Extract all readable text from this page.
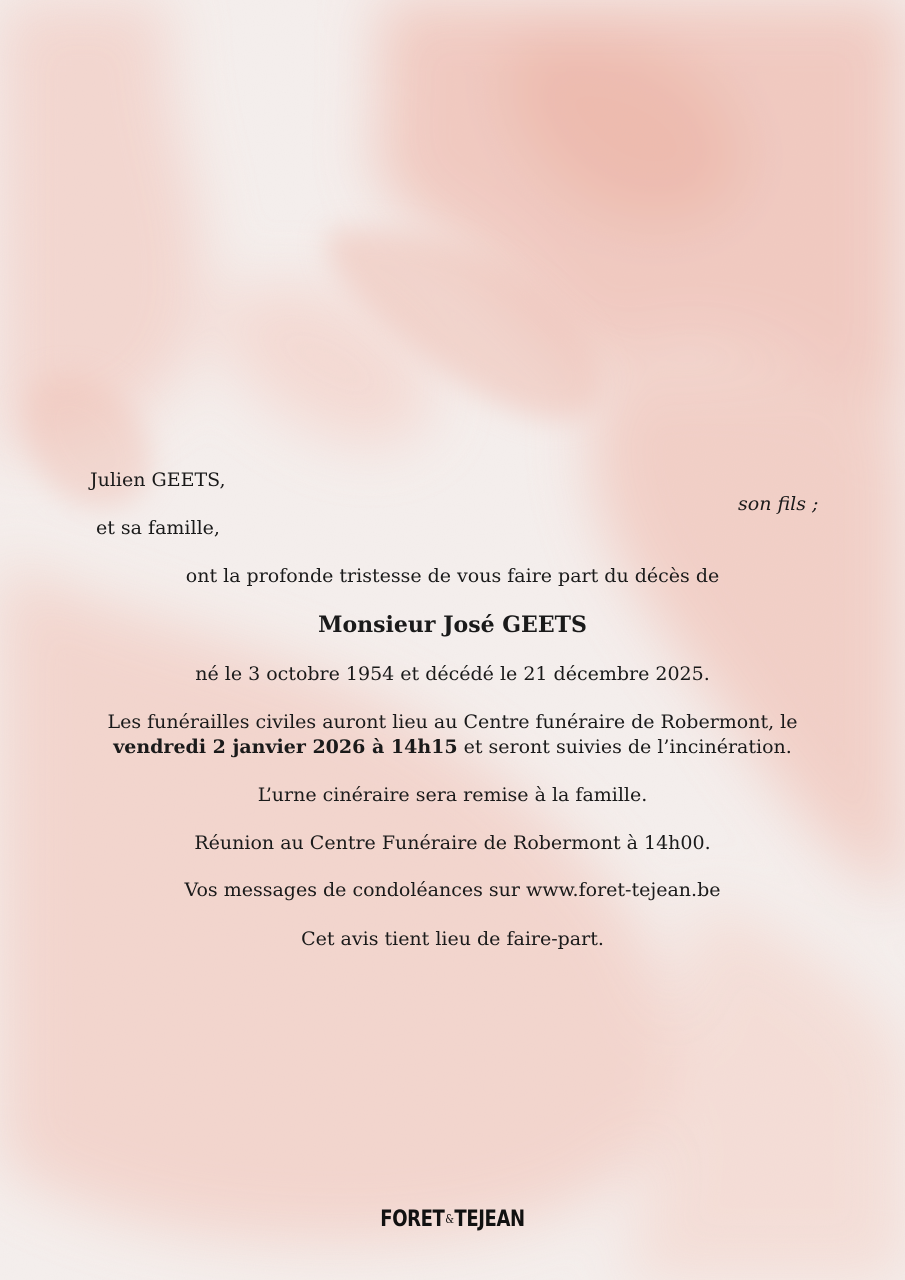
Julien GEETS,
son fils ;
et sa famille,
ont la profonde tristesse de vous faire part du décès de
Monsieur José GEETS
né le 3 octobre 1954 et décédé le 21 décembre 2025.
Les funérailles civiles auront lieu au Centre funéraire de Robermont, le
vendredi 2 janvier 2026 à 14h15 et seront suivies de l’incinération.
L’urne cinéraire sera remise à la famille.
Réunion au Centre Funéraire de Robermont à 14h00.
Vos messages de condoléances sur www.foret-tejean.be
Cet avis tient lieu de faire-part.
FORET&TEJEAN
